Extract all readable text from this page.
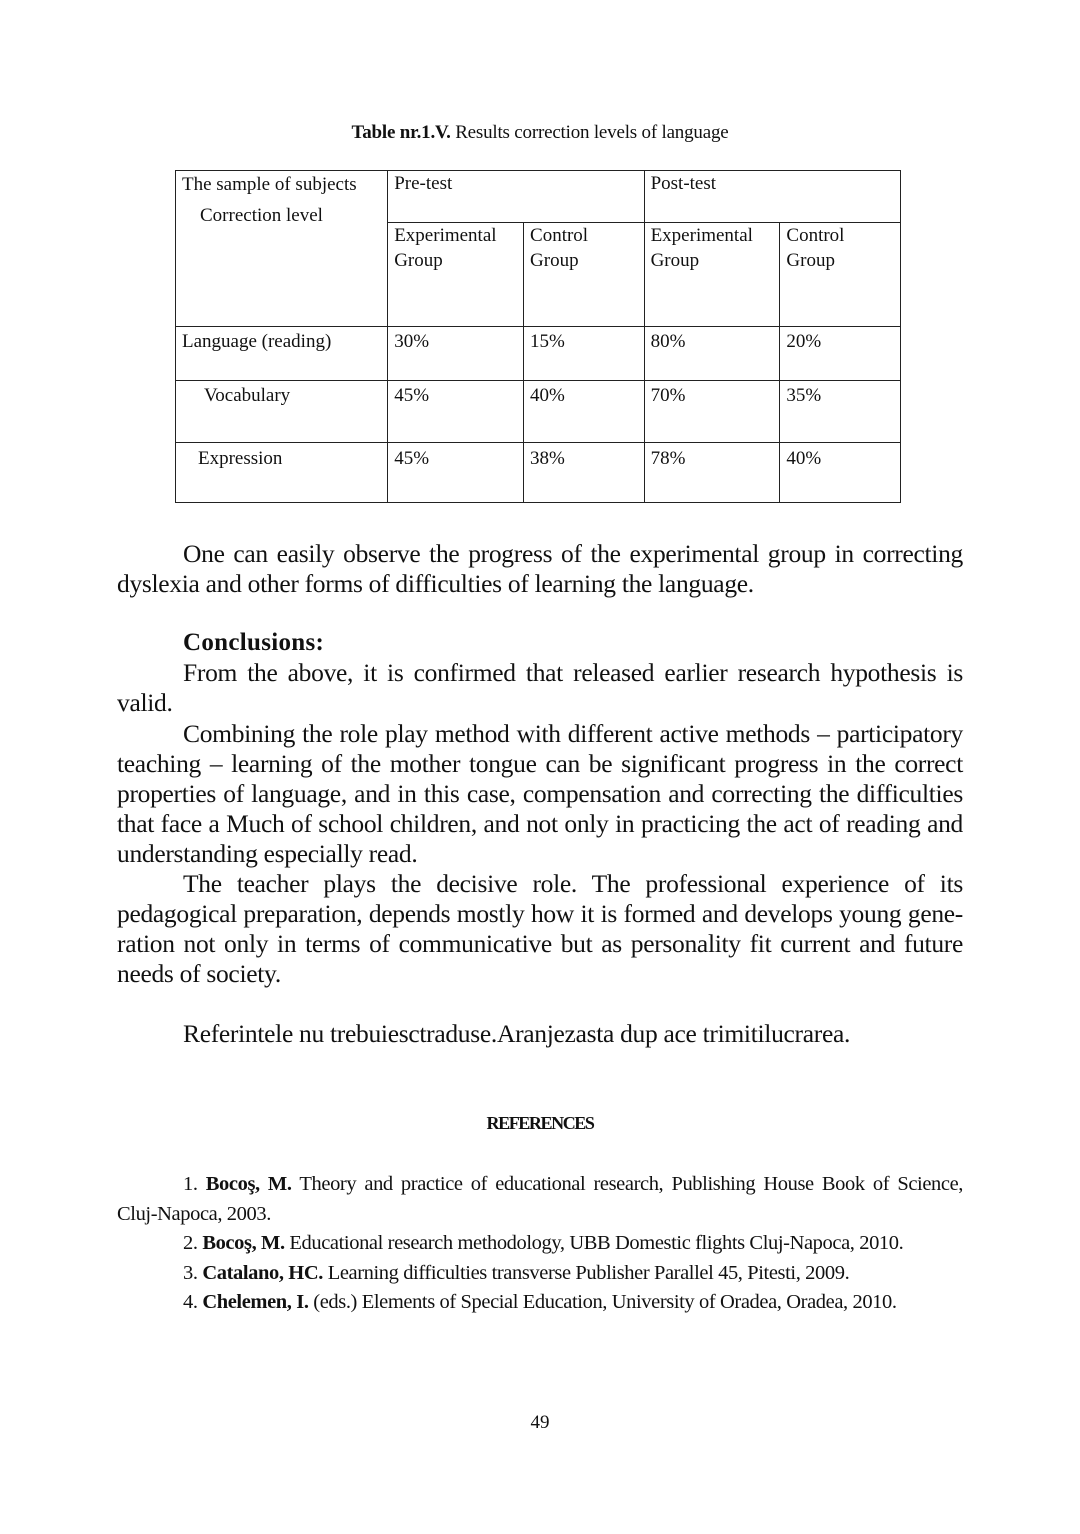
Table nr.1.V. Results correction levels of language
The sample of subjects
Correction level	Pre-test		Post-test	
	Experimental Group	Control Group	Experimental Group	Control Group
Language (reading)	30%	15%	80%	20%
Vocabulary	45%	40%	70%	35%
Expression	45%	38%	78%	40%

One can easily observe the progress of the experimental group in correcting dyslexia and other forms of difficulties of learning the language.

Conclusions:

From the above, it is confirmed that released earlier research hypothesis is valid.

Combining the role play method with different active methods – participatory teaching – learning of the mother tongue can be significant progress in the correct properties of language, and in this case, compensation and correcting the difficulties that face a Much of school children, and not only in practicing the act of reading and understanding especially read.

The teacher plays the decisive role. The professional experience of its pedagogical preparation, depends mostly how it is formed and develops young gene-ration not only in terms of communicative but as personality fit current and future needs of society.

Referintele nu trebuiesctraduse.Aranjezasta dup ace trimitilucrarea.

REFERENCES

1. Bocoş, M. Theory and practice of educational research, Publishing House Book of Science, Cluj-Napoca, 2003.

2. Bocoş, M. Educational research methodology, UBB Domestic flights Cluj-Napoca, 2010.

3. Catalano, HC. Learning difficulties transverse Publisher Parallel 45, Pitesti, 2009.

4. Chelemen, I. (eds.) Elements of Special Education, University of Oradea, Oradea, 2010.

49
